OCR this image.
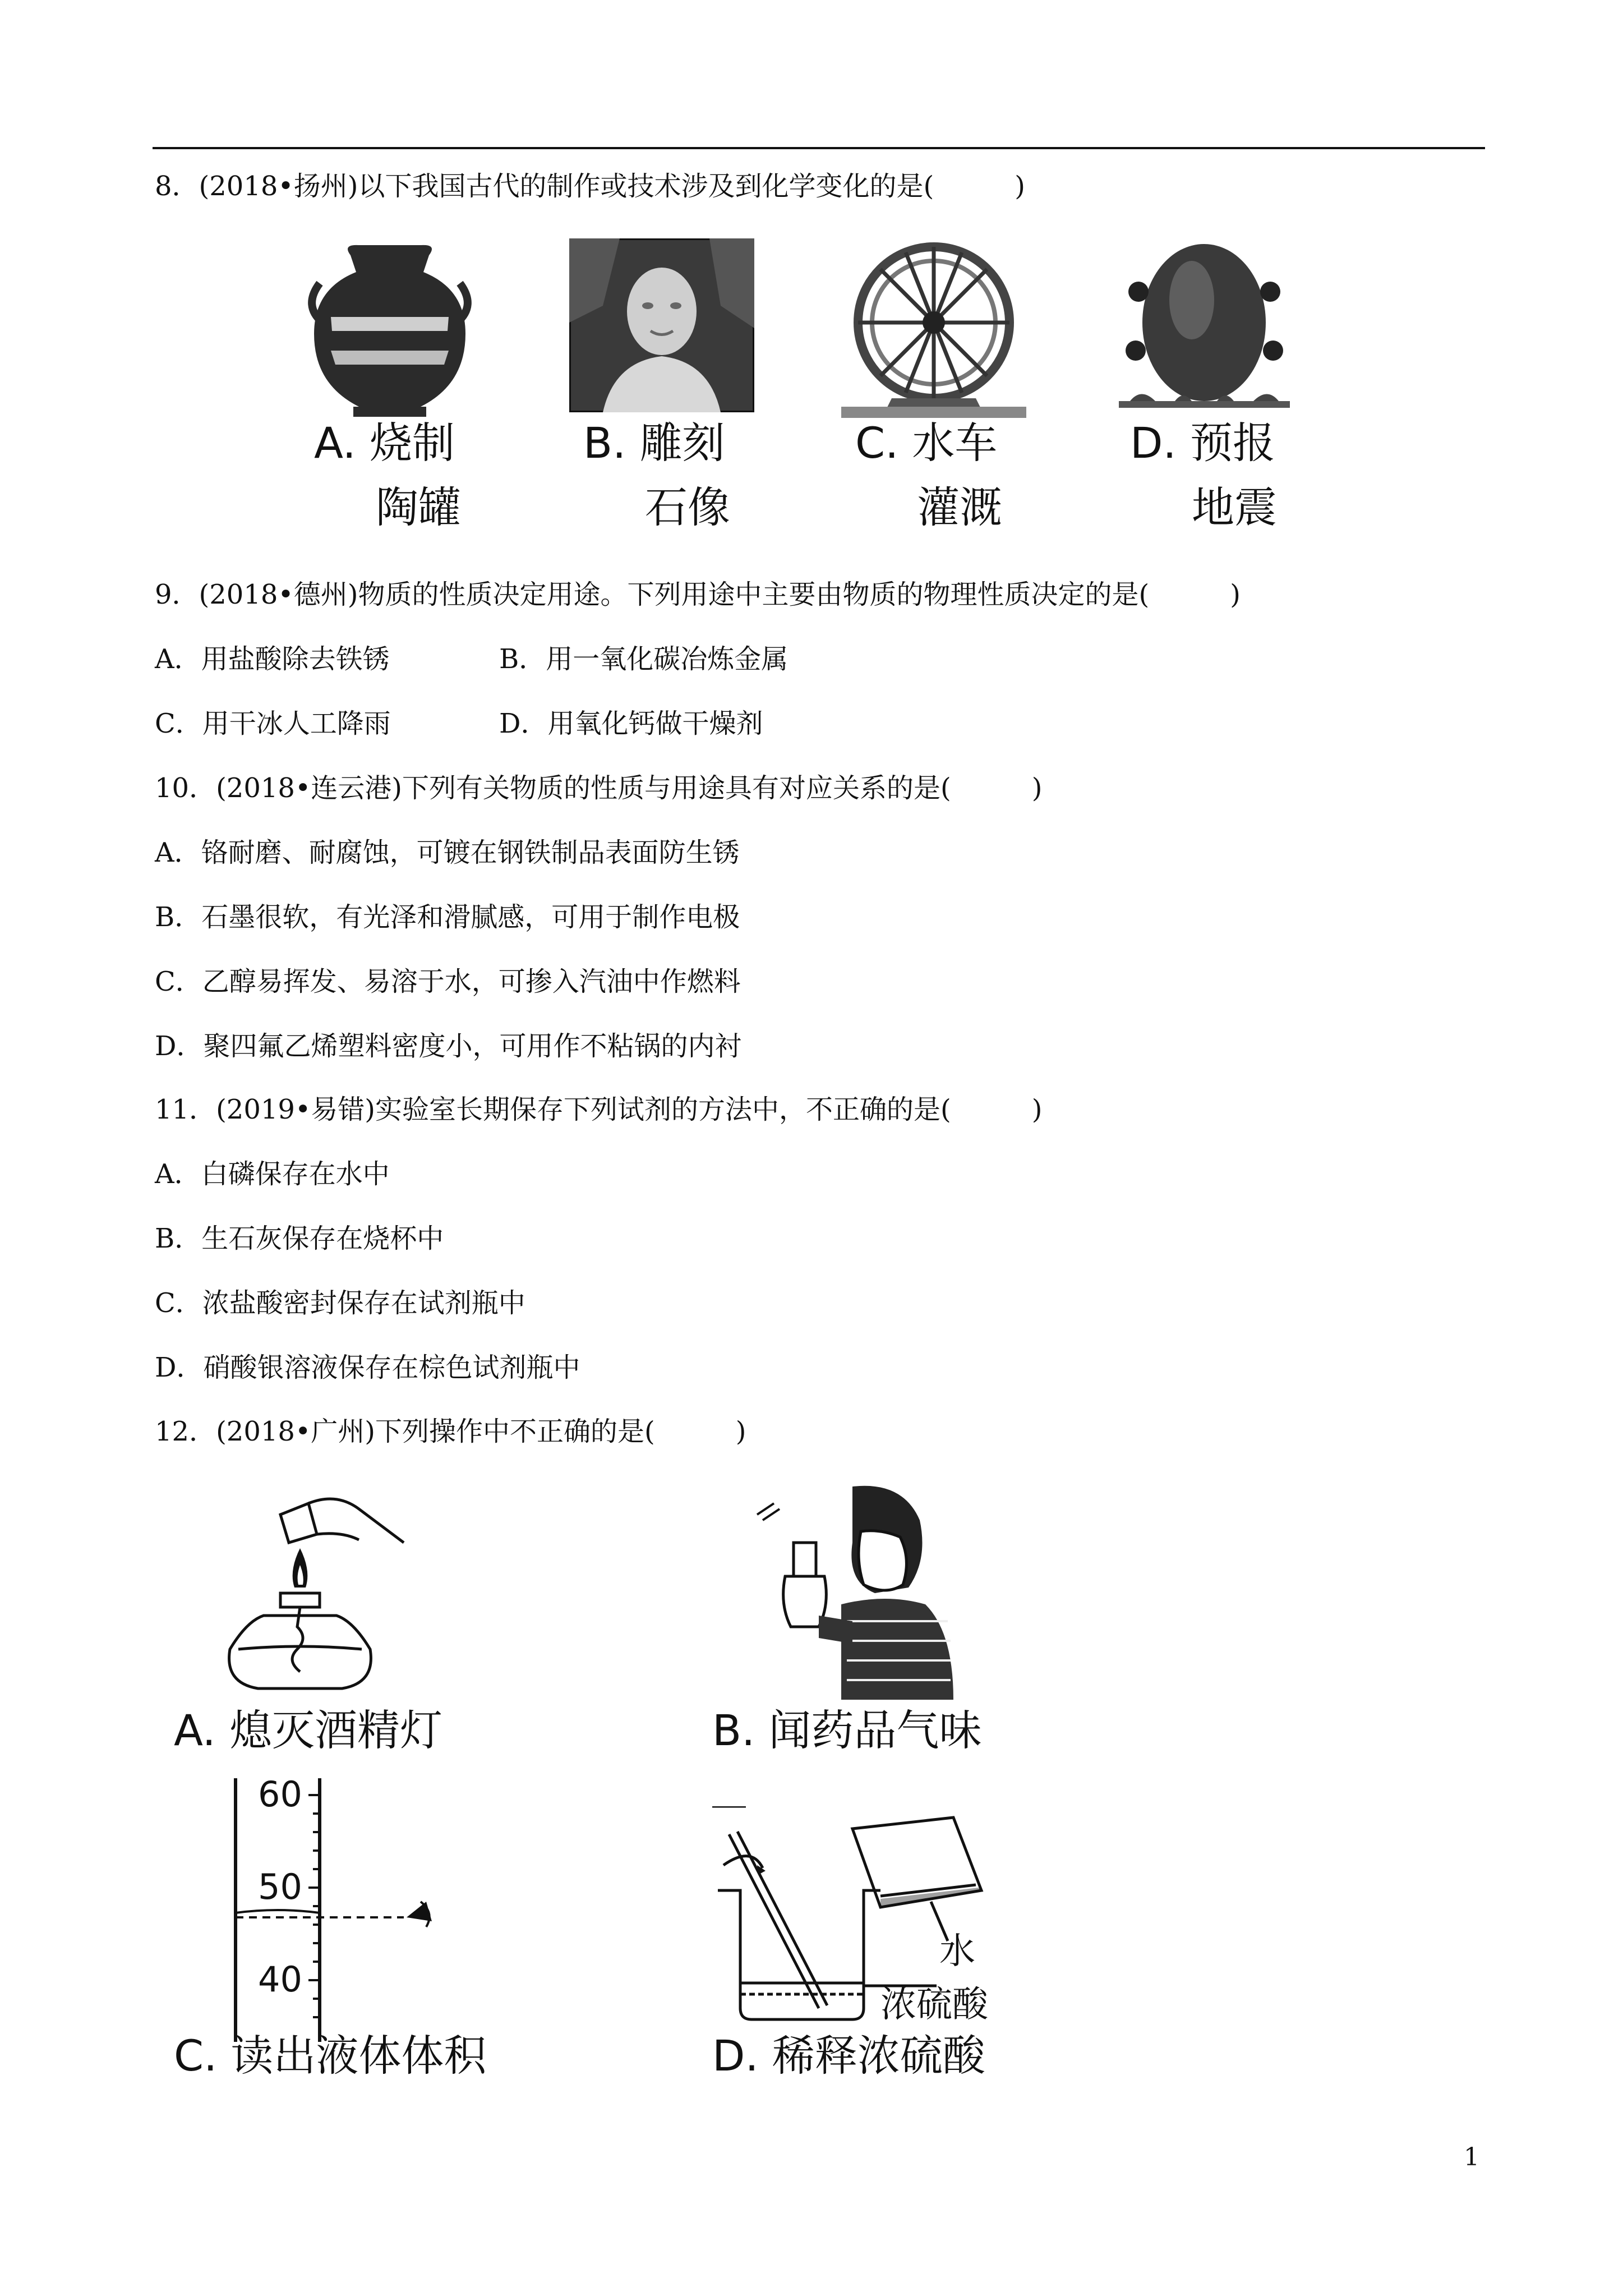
8．(2018•扬州)以下我国古代的制作或技术涉及到化学变化的是(　　　)
A. 烧制
陶罐
B. 雕刻
石像
C. 水车
灌溉
D. 预报
地震
9．(2018•德州)物质的性质决定用途。下列用途中主要由物质的物理性质决定的是(　　　)
A．用盐酸除去铁锈	B．用一氧化碳冶炼金属
C．用干冰人工降雨	D．用氧化钙做干燥剂
10．(2018•连云港)下列有关物质的性质与用途具有对应关系的是(　　　)
A．铬耐磨、耐腐蚀，可镀在钢铁制品表面防生锈
B．石墨很软，有光泽和滑腻感，可用于制作电极
C．乙醇易挥发、易溶于水，可掺入汽油中作燃料
D．聚四氟乙烯塑料密度小，可用作不粘锅的内衬
11．(2019•易错)实验室长期保存下列试剂的方法中，不正确的是(　　　)
A．白磷保存在水中
B．生石灰保存在烧杯中
C．浓盐酸密封保存在试剂瓶中
D．硝酸银溶液保存在棕色试剂瓶中
12．(2018•广州)下列操作中不正确的是(　　　)
A. 熄灭酒精灯	B. 闻药品气味
60
50
40
C. 读出液体体积
水
浓硫酸
D. 稀释浓硫酸
1
